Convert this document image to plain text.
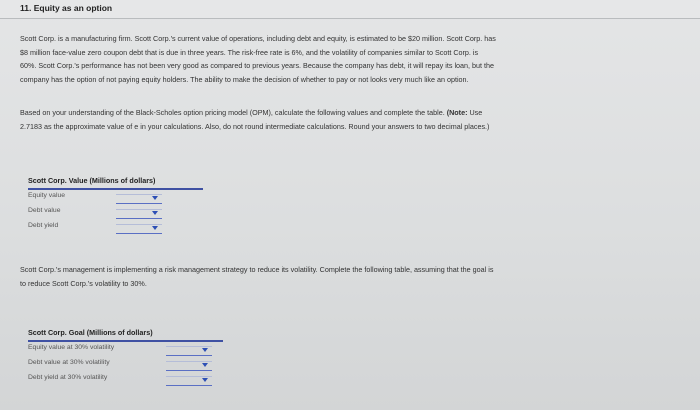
11. Equity as an option
Scott Corp. is a manufacturing firm. Scott Corp.'s current value of operations, including debt and equity, is estimated to be $20 million. Scott Corp. has
$8 million face-value zero coupon debt that is due in three years. The risk-free rate is 6%, and the volatility of companies similar to Scott Corp. is
60%. Scott Corp.'s performance has not been very good as compared to previous years. Because the company has debt, it will repay its loan, but the
company has the option of not paying equity holders. The ability to make the decision of whether to pay or not looks very much like an option.
Based on your understanding of the Black-Scholes option pricing model (OPM), calculate the following values and complete the table. (Note: Use
2.7183 as the approximate value of e in your calculations. Also, do not round intermediate calculations. Round your answers to two decimal places.)
Scott Corp. Value (Millions of dollars)
Equity value
Debt value
Debt yield
Scott Corp.'s management is implementing a risk management strategy to reduce its volatility. Complete the following table, assuming that the goal is
to reduce Scott Corp.'s volatility to 30%.
Scott Corp. Goal (Millions of dollars)
Equity value at 30% volatility
Debt value at 30% volatility
Debt yield at 30% volatility
